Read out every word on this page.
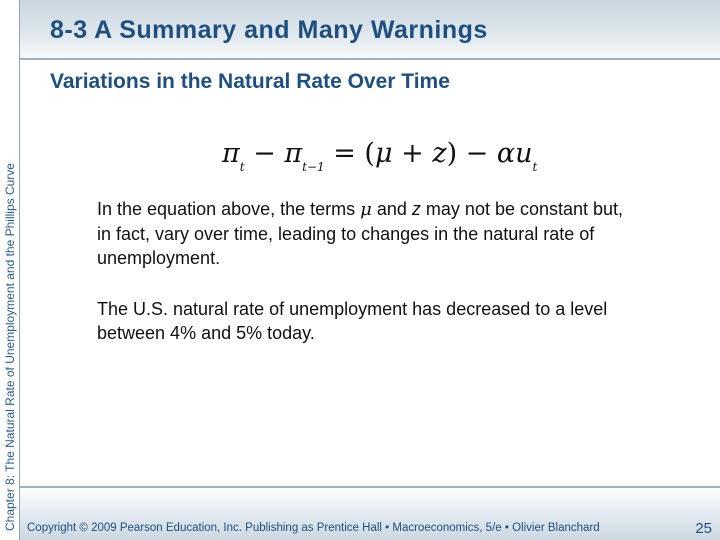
Chapter 8: The Natural Rate of Unemployment and the Phillips Curve
8-3 A Summary and Many Warnings
Variations in the Natural Rate Over Time
$\pi_t - \pi_{t-1} = (\mu + z) - \alpha u_t$
In the equation above, the terms μ and z may not be constant but, in fact, vary over time, leading to changes in the natural rate of unemployment.
The U.S. natural rate of unemployment has decreased to a level between 4% and 5% today.
Copyright © 2009 Pearson Education, Inc. Publishing as Prentice Hall • Macroeconomics, 5/e • Olivier Blanchard	25
